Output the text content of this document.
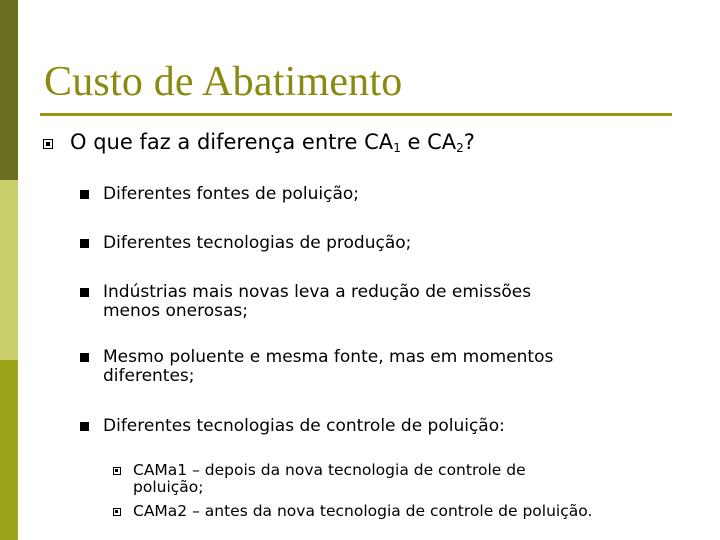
Custo de Abatimento
O que faz a diferença entre $CA_1$ e $CA_2$?
Diferentes fontes de poluição;
Diferentes tecnologias de produção;
Indústrias mais novas leva a redução de emissões
menos onerosas;
Mesmo poluente e mesma fonte, mas em momentos
diferentes;
Diferentes tecnologias de controle de poluição:
CAMa1 – depois da nova tecnologia de controle de
poluição;
CAMa2 – antes da nova tecnologia de controle de poluição.
